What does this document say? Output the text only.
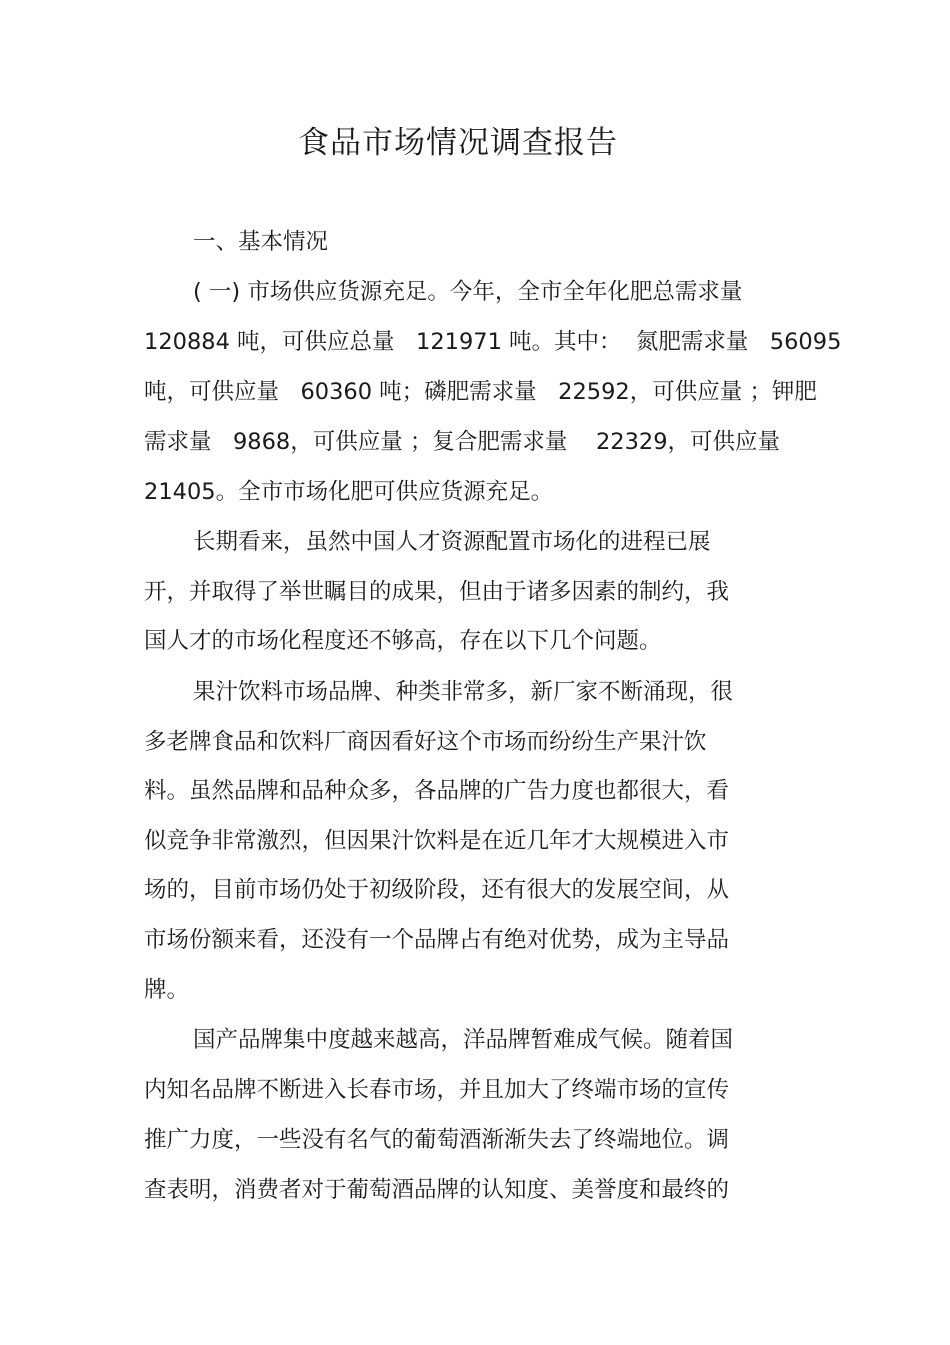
食品市场情况调查报告
一、基本情况
( 一) 市场供应货源充足。今年，全市全年化肥总需求量
120884 吨，可供应总量   121971 吨。其中：  氮肥需求量   56095
吨，可供应量   60360 吨；磷肥需求量   22592，可供应量 ；钾肥
需求量   9868，可供应量 ；复合肥需求量    22329，可供应量
21405。全市市场化肥可供应货源充足。
长期看来，虽然中国人才资源配置市场化的进程已展
开，并取得了举世瞩目的成果，但由于诸多因素的制约，我
国人才的市场化程度还不够高，存在以下几个问题。
果汁饮料市场品牌、种类非常多，新厂家不断涌现，很
多老牌食品和饮料厂商因看好这个市场而纷纷生产果汁饮
料。虽然品牌和品种众多，各品牌的广告力度也都很大，看
似竞争非常激烈，但因果汁饮料是在近几年才大规模进入市
场的，目前市场仍处于初级阶段，还有很大的发展空间，从
市场份额来看，还没有一个品牌占有绝对优势，成为主导品
牌。
国产品牌集中度越来越高，洋品牌暂难成气候。随着国
内知名品牌不断进入长春市场，并且加大了终端市场的宣传
推广力度，一些没有名气的葡萄酒渐渐失去了终端地位。调
查表明，消费者对于葡萄酒品牌的认知度、美誉度和最终的
